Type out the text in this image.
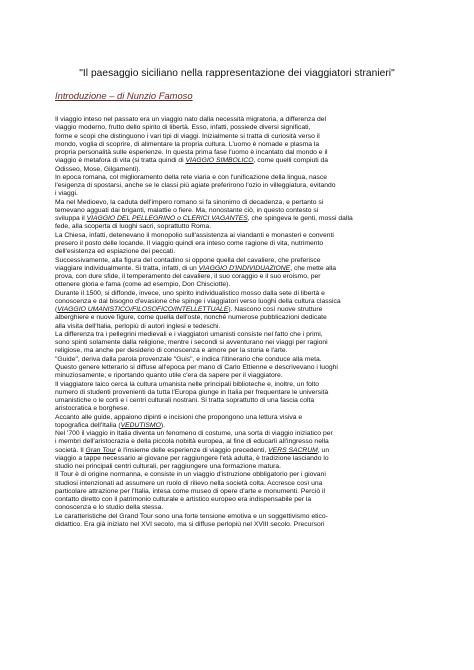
"Il paesaggio siciliano nella rappresentazione dei viaggiatori stranieri"
Introduzione – di Nunzio Famoso
Il viaggio inteso nel passato era un viaggio nato dalla necessità migratoria, a differenza del
viaggio moderno, frutto dello spirito di libertà. Esso, infatti, possiede diversi significati,
forme e scopi che distinguono i vari tipi di viaggi. Inizialmente si tratta di curiosità verso il
mondo, voglia di scoprire, di alimentare la propria cultura. L'uomo è nomade e plasma la
propria personalità sulle esperienze. In questa prima fase l'uomo è incantato dal mondo e il
viaggio è metafora di vita (si tratta quindi di VIAGGIO SIMBOLICO, come quelli compiuti da
Odisseo, Mose, Gilgamenti).
In epoca romana, col miglioramento della rete viaria e con l'unificazione della lingua, nasce
l'esigenza di spostarsi, anche se le classi più agiate preferirono l'ozio in villeggiatura, evitando
i viaggi.
Ma nel Medioevo, la caduta dell'impero romano si fa sinonimo di decadenza, e pertanto si
temevano agguati dai briganti, malattie o fiere. Ma, nonostante ciò, in questo contesto si
sviluppa il VIAGGIO DEL PELLEGRINO o CLERICI VAGANTES, che spingeva le genti, mossi dalla
fede, alla scoperta di luoghi sacri, soprattutto Roma.
La Chiesa, infatti, detenevano il monopolio sull'assistenza ai viandanti e monasteri e conventi
presero il posto delle locande. Il viaggio quindi era inteso come ragione di vita, nutrimento
dell'esistenza ed espiazione dei peccati.
Successivamente, alla figura del contadino si oppone quella del cavaliere, che preferisce
viaggiare individualmente. Si tratta, infatti, di un VIAGGIO D'INDIVIDUAZIONE, che mette alla
prova, con dure sfide, il temperamento del cavaliere, il suo coraggio e il suo eroismo, per
ottenere gloria e fama (come ad esempio, Don Chisciotte).
Durante il 1500, si diffonde, invece, uno spirito individualistico mosso dalla sete di libertà e
conoscenza e dal bisogno d'evasione che spinge i viaggiatori verso luoghi della cultura classica
(VIAGGIO UMANISTICO/FILOSOFICO/INTELLETTUALE). Nascono così nuove strutture
alberghiere e nuove figure, come quella dell'oste, nonché numerose pubblicazioni dedicate
alla visita dell'Italia, perlopiù di autori inglesi e tedeschi.
La differenza tra i pellegrini medievali e i viaggiatori umanisti consiste nel fatto che i primi,
sono spinti solamente dalla religione, mentre i secondi si avventurano nei viaggi per ragioni
religiose, ma anche per desiderio di conoscenza e amore per la storia e l'arte.
"Guide", deriva dalla parola provenzale "Guis", e indica l'itinerario che conduce alla meta.
Questo genere letterario si diffuse all'epoca per mano di Carlo Ettienne e descrivevano i luoghi
minuziosamente, e riportando quanto utile c'era da sapere per il viaggiatore.
Il viaggiatore laico cerca la cultura umanista nelle principali biblioteche e, inoltre, un folto
numero di studenti provenienti da tutta l'Europa giunge in Italia per frequentare le università
umanistiche o le corti e i centri culturali nostrani. Si tratta soprattutto di una fascia colta
aristocratica e borghese.
Accanto alle guide, appaiono dipinti e incisioni che propongono una lettura visiva e
topografica dell'Italia (VEDUTISMO).
Nel '700 il viaggio in Italia diventa un fenomeno di costume, una sorta di viaggio iniziatico per
i membri dell'aristocrazia e della piccola nobiltà europea, al fine di educarli all'ingresso nella
società. Il Gran Tour è l'insieme delle esperienze di viaggio precedenti, VERS SACRUM, un
viaggio a tappe necessario ai giovane per raggiungere l'età adulta, è tradizione lasciando lo
studio nei principali centri culturali, per raggiungere una formazione matura.
Il Tour è di origine normanna, e consiste in un viaggio d'istruzione obbligatorio per i giovani
studiosi intenzionati ad assumere un ruolo di rilievo nella società colta. Accresce così una
particolare attrazione per l'Italia, intesa come museo di opere d'arte e monumenti. Perciò il
contatto diretto con il patrimonio culturale e artistico europeo era indispensabile per la
conoscenza e lo studio della stessa.
Le caratteristiche del Grand Tour sono una forte tensione emotiva e un soggettivismo etico-
didattico. Era già iniziato nel XVI secolo, ma si diffuse perlopiù nel XVIII secolo. Precursori
